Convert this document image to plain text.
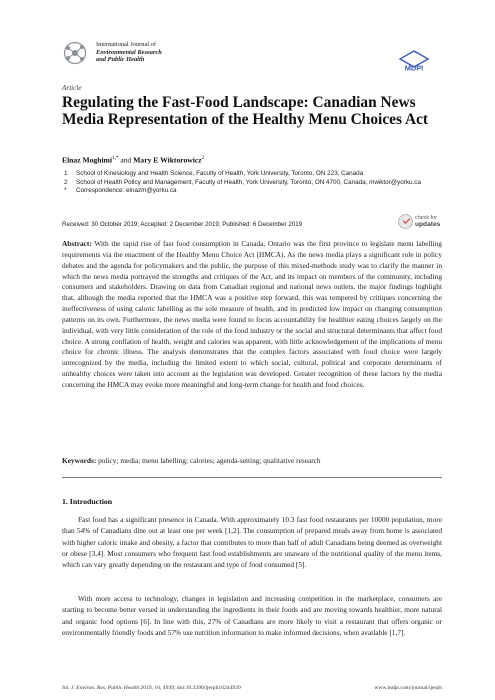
International Journal of
Environmental Research
and Public Health
MDPI
Article
Regulating the Fast-Food Landscape: Canadian News Media Representation of the Healthy Menu Choices Act
Elnaz Moghimi$^{1,*}$ and Mary E Wiktorowicz$^2$
1 School of Kinesiology and Health Science, Faculty of Health, York University, Toronto, ON 223, Canada
2 School of Health Policy and Management, Faculty of Health, York University, Toronto, ON 4700, Canada; mwiktor@yorku.ca
* Correspondence: elnazm@yorku.ca
Received: 30 October 2019; Accepted: 2 December 2019; Published: 6 December 2019
check for
updates

Abstract: With the rapid rise of fast food consumption in Canada, Ontario was the first province to legislate menu labelling requirements via the enactment of the Healthy Menu Choice Act (HMCA). As the news media plays a significant role in policy debates and the agenda for policymakers and the public, the purpose of this mixed-methods study was to clarify the manner in which the news media portrayed the strengths and critiques of the Act, and its impact on members of the community, including consumers and stakeholders. Drawing on data from Canadian regional and national news outlets, the major findings highlight that, although the media reported that the HMCA was a positive step forward, this was tempered by critiques concerning the ineffectiveness of using caloric labelling as the sole measure of health, and its predicted low impact on changing consumption patterns on its own. Furthermore, the news media were found to focus accountability for healthier eating choices largely on the individual, with very little consideration of the role of the food industry or the social and structural determinants that affect food choice. A strong conflation of health, weight and calories was apparent, with little acknowledgement of the implications of menu choice for chronic illness. The analysis demonstrates that the complex factors associated with food choice were largely unrecognized by the media, including the limited extent to which social, cultural, political and corporate determinants of unhealthy choices were taken into account as the legislation was developed. Greater recognition of these factors by the media concerning the HMCA may evoke more meaningful and long-term change for health and food choices.

Keywords: policy; media; menu labelling; calories; agenda-setting; qualitative research
1. Introduction

Fast food has a significant presence in Canada. With approximately 10.3 fast food restaurants per 10000 population, more than 54% of Canadians dine out at least one per week [1,2]. The consumption of prepared meals away from home is associated with higher caloric intake and obesity, a factor that contributes to more than half of adult Canadians being deemed as overweight or obese [3,4]. Most consumers who frequent fast food establishments are unaware of the nutritional quality of the menu items, which can vary greatly depending on the restaurant and type of food consumed [5].

With more access to technology, changes in legislation and increasing competition in the marketplace, consumers are starting to become better versed in understanding the ingredients in their foods and are moving towards healthier, more natural and organic food options [6]. In line with this, 27% of Canadians are more likely to visit a restaurant that offers organic or environmentally friendly foods and 57% use nutrition information to make informed decisions, when available [1,7].

Int. J. Environ. Res. Public Health 2019, 16, 4939; doi:10.3390/ijerph16244939	www.mdpi.com/journal/ijerph
